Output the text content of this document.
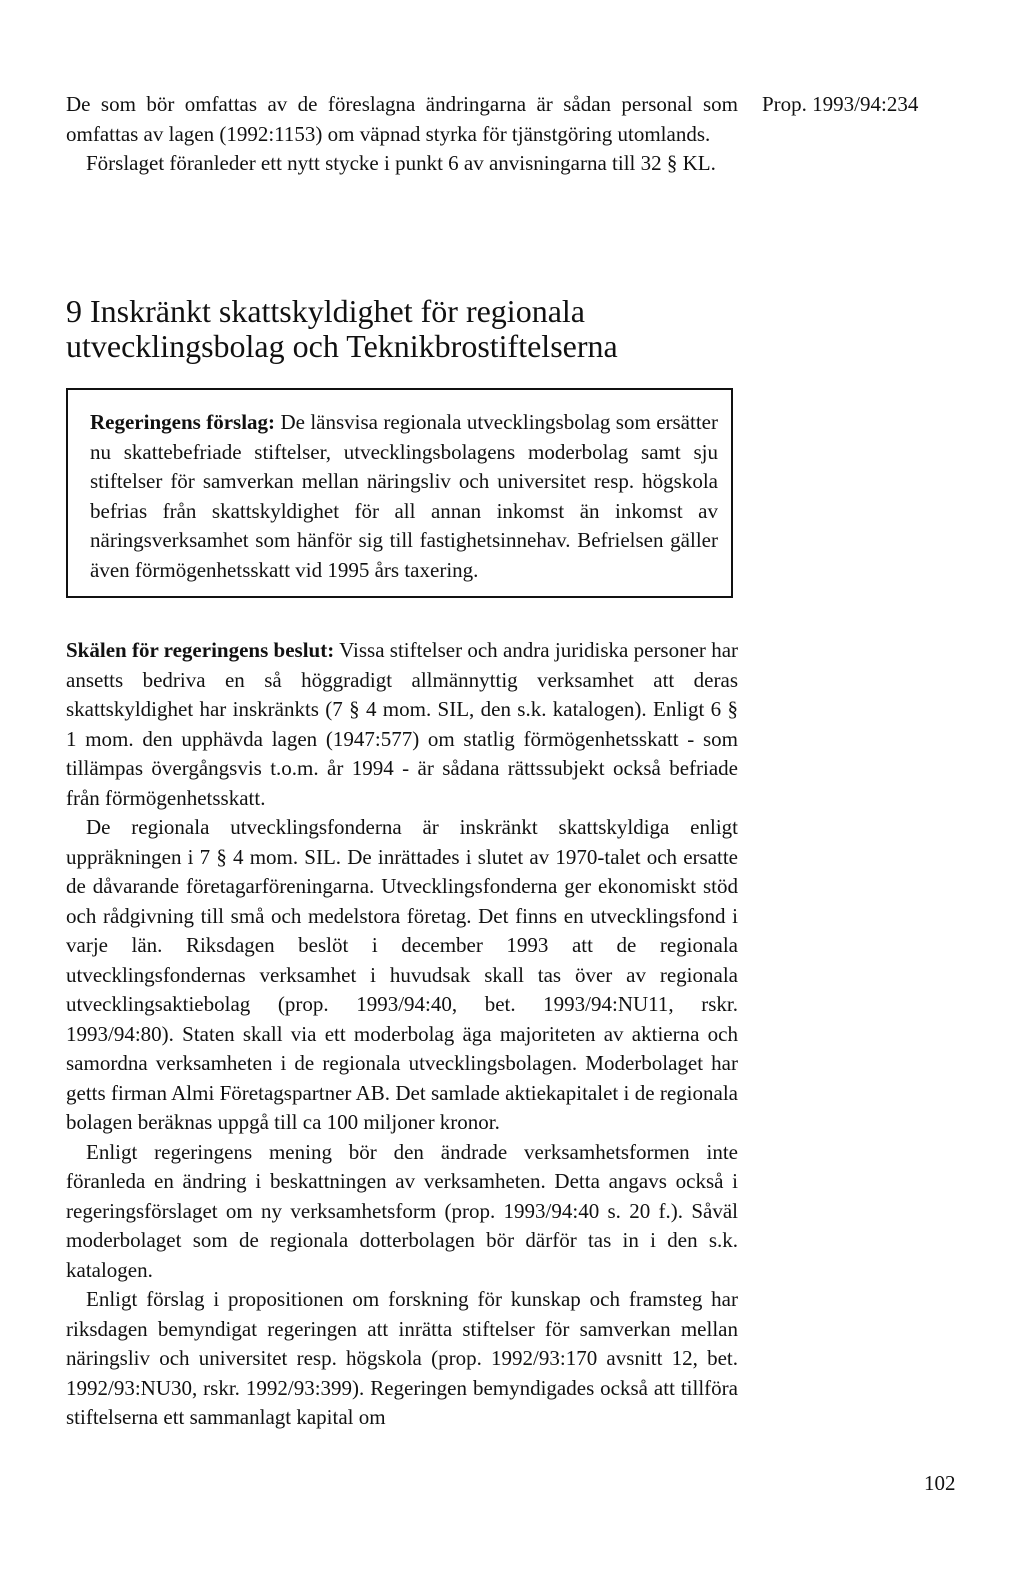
Prop. 1993/94:234

De som bör omfattas av de föreslagna ändringarna är sådan personal som omfattas av lagen (1992:1153) om väpnad styrka för tjänstgöring utomlands.

Förslaget föranleder ett nytt stycke i punkt 6 av anvisningarna till 32 § KL.

9 Inskränkt skattskyldighet för regionala utvecklingsbolag och Teknikbrostiftelserna

Regeringens förslag: De länsvisa regionala utvecklingsbolag som ersätter nu skattebefriade stiftelser, utvecklingsbolagens moderbolag samt sju stiftelser för samverkan mellan näringsliv och universitet resp. högskola befrias från skattskyldighet för all annan inkomst än inkomst av näringsverksamhet som hänför sig till fastighetsinnehav. Befrielsen gäller även förmögenhetsskatt vid 1995 års taxering.

Skälen för regeringens beslut: Vissa stiftelser och andra juridiska personer har ansetts bedriva en så höggradigt allmännyttig verksamhet att deras skattskyldighet har inskränkts (7 § 4 mom. SIL, den s.k. katalogen). Enligt 6 § 1 mom. den upphävda lagen (1947:577) om statlig förmögenhetsskatt - som tillämpas övergångsvis t.o.m. år 1994 - är sådana rättssubjekt också befriade från förmögenhetsskatt.

De regionala utvecklingsfonderna är inskränkt skattskyldiga enligt uppräkningen i 7 § 4 mom. SIL. De inrättades i slutet av 1970-talet och ersatte de dåvarande företagarföreningarna. Utvecklingsfonderna ger ekonomiskt stöd och rådgivning till små och medelstora företag. Det finns en utvecklingsfond i varje län. Riksdagen beslöt i december 1993 att de regionala utvecklingsfondernas verksamhet i huvudsak skall tas över av regionala utvecklingsaktiebolag (prop. 1993/94:40, bet. 1993/94:NU11, rskr. 1993/94:80). Staten skall via ett moderbolag äga majoriteten av aktierna och samordna verksamheten i de regionala utvecklingsbolagen. Moderbolaget har getts firman Almi Företagspartner AB. Det samlade aktiekapitalet i de regionala bolagen beräknas uppgå till ca 100 miljoner kronor.

Enligt regeringens mening bör den ändrade verksamhetsformen inte föranleda en ändring i beskattningen av verksamheten. Detta angavs också i regeringsförslaget om ny verksamhetsform (prop. 1993/94:40 s. 20 f.). Såväl moderbolaget som de regionala dotterbolagen bör därför tas in i den s.k. katalogen.

Enligt förslag i propositionen om forskning för kunskap och framsteg har riksdagen bemyndigat regeringen att inrätta stiftelser för samverkan mellan näringsliv och universitet resp. högskola (prop. 1992/93:170 avsnitt 12, bet. 1992/93:NU30, rskr. 1992/93:399). Regeringen bemyndigades också att tillföra stiftelserna ett sammanlagt kapital om

102
